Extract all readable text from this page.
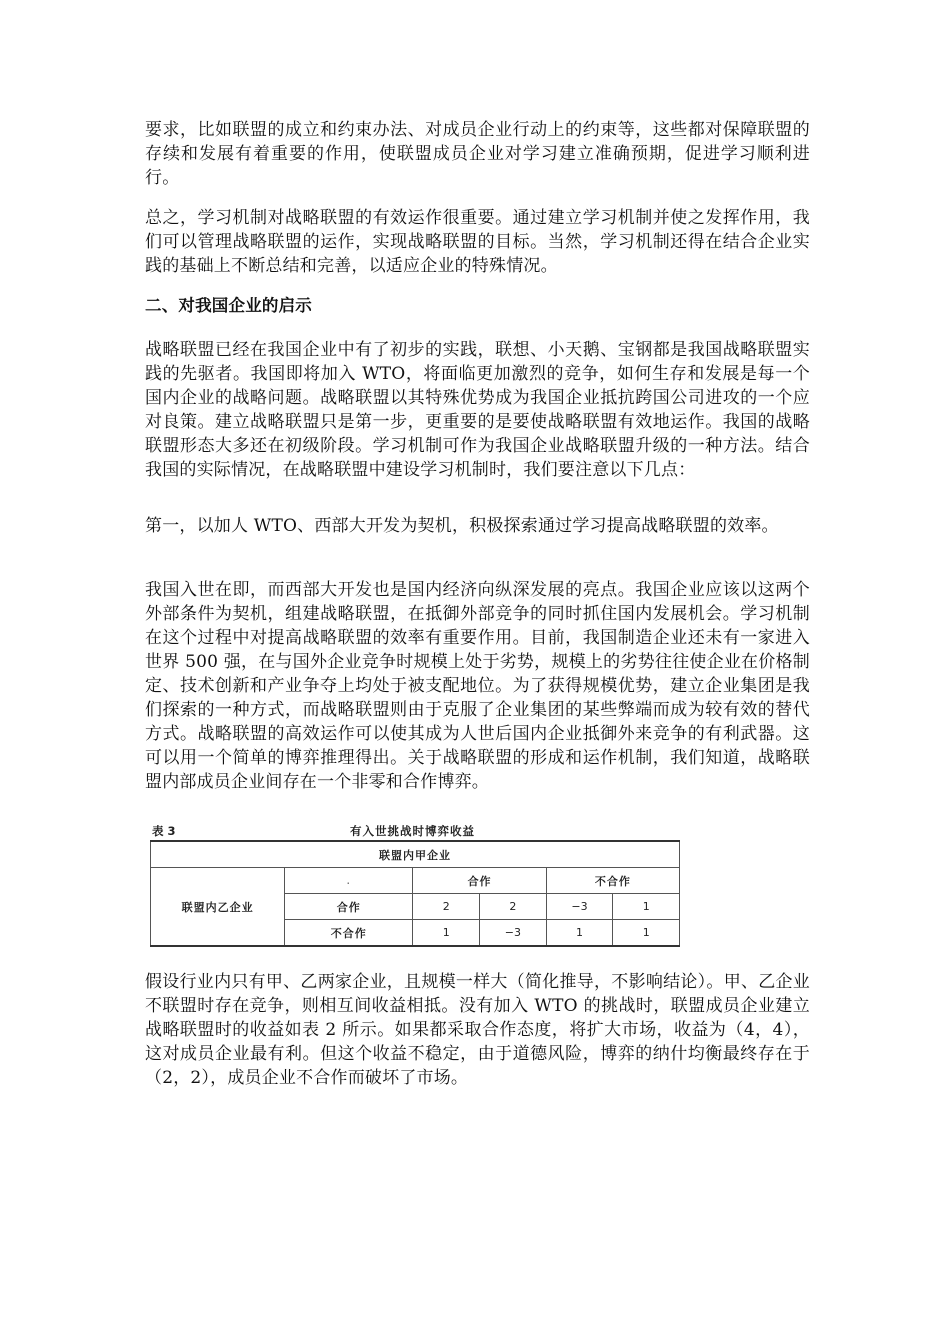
要求，比如联盟的成立和约束办法、对成员企业行动上的约束等，这些都对保障联盟的存续和发展有着重要的作用，使联盟成员企业对学习建立准确预期，促进学习顺利进行。

总之，学习机制对战略联盟的有效运作很重要。通过建立学习机制并使之发挥作用，我们可以管理战略联盟的运作，实现战略联盟的目标。当然，学习机制还得在结合企业实践的基础上不断总结和完善，以适应企业的特殊情况。

二、对我国企业的启示

战略联盟已经在我国企业中有了初步的实践，联想、小天鹅、宝钢都是我国战略联盟实践的先驱者。我国即将加入 WTO，将面临更加激烈的竞争，如何生存和发展是每一个国内企业的战略问题。战略联盟以其特殊优势成为我国企业抵抗跨国公司进攻的一个应对良策。建立战略联盟只是第一步，更重要的是要使战略联盟有效地运作。我国的战略联盟形态大多还在初级阶段。学习机制可作为我国企业战略联盟升级的一种方法。结合我国的实际情况，在战略联盟中建设学习机制时，我们要注意以下几点：

第一，以加人 WTO、西部大开发为契机，积极探索通过学习提高战略联盟的效率。

我国入世在即，而西部大开发也是国内经济向纵深发展的亮点。我国企业应该以这两个外部条件为契机，组建战略联盟，在抵御外部竞争的同时抓住国内发展机会。学习机制在这个过程中对提高战略联盟的效率有重要作用。目前，我国制造企业还未有一家进入世界 500 强，在与国外企业竞争时规模上处于劣势，规模上的劣势往往使企业在价格制定、技术创新和产业争夺上均处于被支配地位。为了获得规模优势，建立企业集团是我们探索的一种方式，而战略联盟则由于克服了企业集团的某些弊端而成为较有效的替代方式。战略联盟的高效运作可以使其成为人世后国内企业抵御外来竞争的有利武器。这可以用一个简单的博弈推理得出。关于战略联盟的形成和运作机制，我们知道，战略联盟内部成员企业间存在一个非零和合作博弈。

表 3	有入世挑战时博弈收益
联盟内甲企业					
联盟内乙企业	.	合作		不合作	
	合作	2	2	−3	1
	不合作	1	−3	1	1

假设行业内只有甲、乙两家企业，且规模一样大（简化推导，不影响结论）。甲、乙企业不联盟时存在竞争，则相互间收益相抵。没有加入 WTO 的挑战时，联盟成员企业建立战略联盟时的收益如表 2 所示。如果都采取合作态度，将扩大市场，收益为（4，4），这对成员企业最有利。但这个收益不稳定，由于道德风险，博弈的纳什均衡最终存在于（2，2），成员企业不合作而破坏了市场。
